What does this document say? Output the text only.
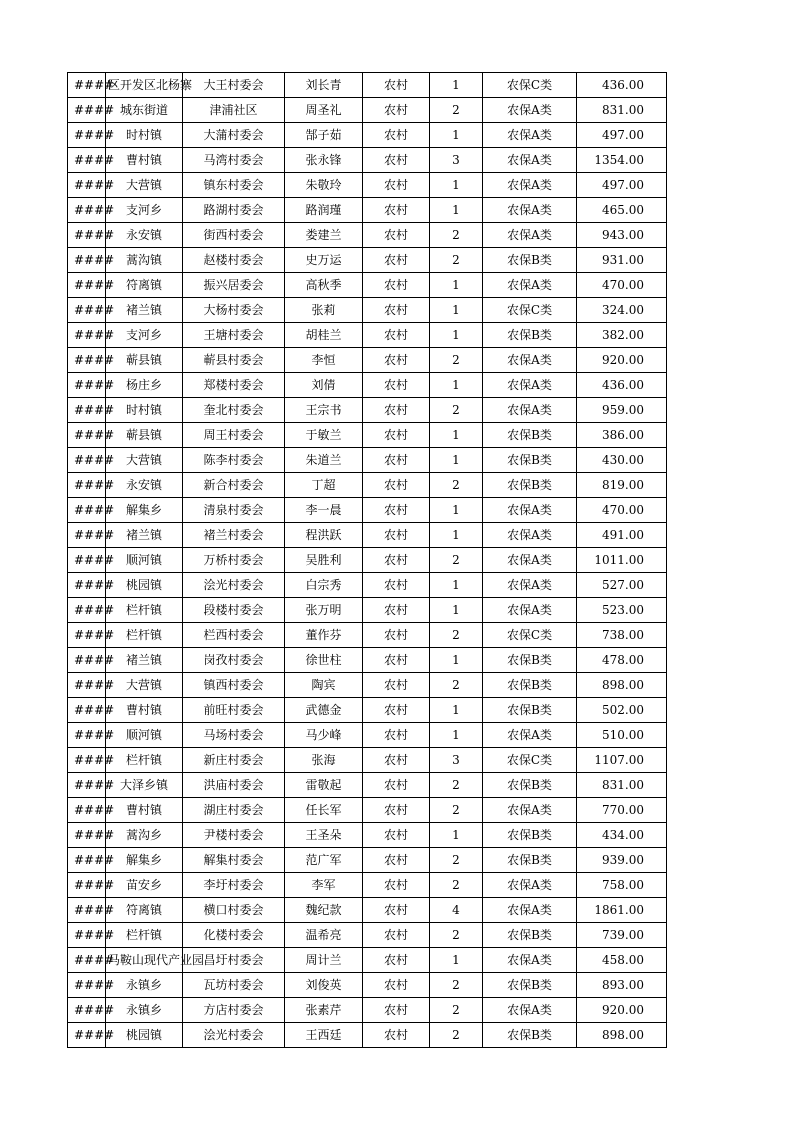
####	区开发区北杨寨	大王村委会	刘长青	农村	1	农保C类	436.00
####	城东街道	津浦社区	周圣礼	农村	2	农保A类	831.00
####	时村镇	大蒲村委会	郜子茹	农村	1	农保A类	497.00
####	曹村镇	马湾村委会	张永锋	农村	3	农保A类	1354.00
####	大营镇	镇东村委会	朱敬玲	农村	1	农保A类	497.00
####	支河乡	路湖村委会	路润瑾	农村	1	农保A类	465.00
####	永安镇	街西村委会	娄建兰	农村	2	农保A类	943.00
####	蒿沟镇	赵楼村委会	史万运	农村	2	农保B类	931.00
####	符离镇	振兴居委会	高秋季	农村	1	农保A类	470.00
####	褚兰镇	大杨村委会	张莉	农村	1	农保C类	324.00
####	支河乡	王塘村委会	胡桂兰	农村	1	农保B类	382.00
####	蕲县镇	蕲县村委会	李恒	农村	2	农保A类	920.00
####	杨庄乡	郑楼村委会	刘倩	农村	1	农保A类	436.00
####	时村镇	奎北村委会	王宗书	农村	2	农保A类	959.00
####	蕲县镇	周王村委会	于敏兰	农村	1	农保B类	386.00
####	大营镇	陈李村委会	朱道兰	农村	1	农保B类	430.00
####	永安镇	新合村委会	丁超	农村	2	农保B类	819.00
####	解集乡	清泉村委会	李一晨	农村	1	农保A类	470.00
####	褚兰镇	褚兰村委会	程洪跃	农村	1	农保A类	491.00
####	顺河镇	万桥村委会	吴胜利	农村	2	农保A类	1011.00
####	桃园镇	浍光村委会	白宗秀	农村	1	农保A类	527.00
####	栏杆镇	段楼村委会	张万明	农村	1	农保A类	523.00
####	栏杆镇	栏西村委会	董作芬	农村	2	农保C类	738.00
####	褚兰镇	岗孜村委会	徐世柱	农村	1	农保B类	478.00
####	大营镇	镇西村委会	陶宾	农村	2	农保B类	898.00
####	曹村镇	前旺村委会	武德金	农村	1	农保B类	502.00
####	顺河镇	马场村委会	马少峰	农村	1	农保A类	510.00
####	栏杆镇	新庄村委会	张海	农村	3	农保C类	1107.00
####	大泽乡镇	洪庙村委会	雷敬起	农村	2	农保B类	831.00
####	曹村镇	湖庄村委会	任长军	农村	2	农保A类	770.00
####	蒿沟乡	尹楼村委会	王圣朵	农村	1	农保B类	434.00
####	解集乡	解集村委会	范广军	农村	2	农保B类	939.00
####	苗安乡	李圩村委会	李军	农村	2	农保A类	758.00
####	符离镇	横口村委会	魏纪款	农村	4	农保A类	1861.00
####	栏杆镇	化楼村委会	温希亮	农村	2	农保B类	739.00
####	马鞍山现代产业园	昌圩村委会	周计兰	农村	1	农保A类	458.00
####	永镇乡	瓦坊村委会	刘俊英	农村	2	农保B类	893.00
####	永镇乡	方店村委会	张素芹	农村	2	农保A类	920.00
####	桃园镇	浍光村委会	王西廷	农村	2	农保B类	898.00
